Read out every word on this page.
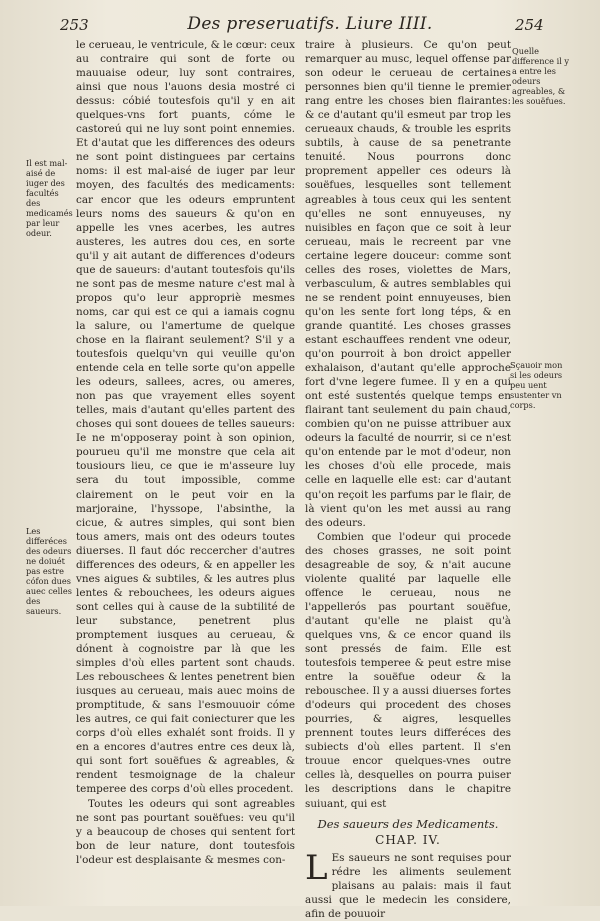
253	Des preseruatifs. Liure IIII.	254
Il est mal-aisé de iuger des facultés des medicamés par leur odeur.
Les differéces des odeurs ne doiuét pas estre cófon dues auec celles des saueurs.
Quelle difference il y a entre les odeurs agreables, & les souëfues.
Sçauoir mon si les odeurs peu uent sustenter vn corps.

le cerueau, le ventricule, & le cœur: ceux au contraire qui sont de forte ou mauuaise odeur, luy sont contraires, ainsi que nous l'auons desia mostré ci dessus: cóbié toutesfois qu'il y en ait quelques-vns fort puants, cóme le castoreú qui ne luy sont point ennemies. Et d'autat que les differences des odeurs ne sont point distinguees par certains noms: il est mal-aisé de iuger par leur moyen, des facultés des medicaments: car encor que les odeurs empruntent leurs noms des saueurs & qu'on en appelle les vnes acerbes, les autres austeres, les autres dou ces, en sorte qu'il y ait autant de differences d'odeurs que de saueurs: d'autant toutesfois qu'ils ne sont pas de mesme nature c'est mal à propos qu'o leur appropriè mesmes noms, car qui est ce qui a iamais cognu la salure, ou l'amertume de quelque chose en la flairant seulement? S'il y a toutesfois quelqu'vn qui veuille qu'on entende cela en telle sorte qu'on appelle les odeurs, sallees, acres, ou ameres, non pas que vrayement elles soyent telles, mais d'autant qu'elles partent des choses qui sont douees de telles saueurs: Ie ne m'opposeray point à son opinion, pourueu qu'il me monstre que cela ait tousiours lieu, ce que ie m'asseure luy sera du tout impossible, comme clairement on le peut voir en la marjoraine, l'hyssope, l'absinthe, la cicue, & autres simples, qui sont bien tous amers, mais ont des odeurs toutes diuerses. Il faut dóc reccercher d'autres differences des odeurs, & en appeller les vnes aigues & subtiles, & les autres plus lentes & rebouchees, les odeurs aigues sont celles qui à cause de la subtilité de leur substance, penetrent plus promptement iusques au cerueau, & dónent à cognoistre par là que les simples d'où elles partent sont chauds. Les rebouschees & lentes penetrent bien iusques au cerueau, mais auec moins de promptitude, & sans l'esmouuoir cóme les autres, ce qui fait coniecturer que les corps d'où elles exhalét sont froids. Il y en a encores d'autres entre ces deux là, qui sont fort souëfues & agreables, & rendent tesmoignage de la chaleur temperee des corps d'où elles procedent.

Toutes les odeurs qui sont agreables ne sont pas pourtant souëfues: veu qu'il y a beaucoup de choses qui sentent fort bon de leur nature, dont toutesfois l'odeur est desplaisante & mesmes con-

traire à plusieurs. Ce qu'on peut remarquer au musc, lequel offense par son odeur le cerueau de certaines personnes bien qu'il tienne le premier rang entre les choses bien flairantes: & ce d'autant qu'il esmeut par trop les cerueaux chauds, & trouble les esprits subtils, à cause de sa penetrante tenuité. Nous pourrons donc proprement appeller ces odeurs là souëfues, lesquelles sont tellement agreables à tous ceux qui les sentent qu'elles ne sont ennuyeuses, ny nuisibles en façon que ce soit à leur cerueau, mais le recreent par vne certaine legere douceur: comme sont celles des roses, violettes de Mars, verbasculum, & autres semblables qui ne se rendent point ennuyeuses, bien qu'on les sente fort long téps, & en grande quantité. Les choses grasses estant eschauffees rendent vne odeur, qu'on pourroit à bon droict appeller exhalaison, d'autant qu'elle approche fort d'vne legere fumee. Il y en a qui ont esté sustentés quelque temps en flairant tant seulement du pain chaud, combien qu'on ne puisse attribuer aux odeurs la faculté de nourrir, si ce n'est qu'on entende par le mot d'odeur, non les choses d'où elle procede, mais celle en laquelle elle est: car d'autant qu'on reçoit les parfums par le flair, de là vient qu'on les met aussi au rang des odeurs.

Combien que l'odeur qui procede des choses grasses, ne soit point desagreable de soy, & n'ait aucune violente qualité par laquelle elle offence le cerueau, nous ne l'appellerós pas pourtant souëfue, d'autant qu'elle ne plaist qu'à quelques vns, & ce encor quand ils sont pressés de faim. Elle est toutesfois temperee & peut estre mise entre la souëfue odeur & la rebouschee. Il y a aussi diuerses fortes d'odeurs qui procedent des choses pourries, & aigres, lesquelles prennent toutes leurs differéces des subiects d'où elles partent. Il s'en trouue encor quelques-vnes outre celles là, desquelles on pourra puiser les descriptions dans le chapitre suiuant, qui est

Des saueurs des Medicaments.
CHAP. IV.

L Es saueurs ne sont requises pour rédre les aliments seulement plaisans au palais: mais il faut aussi que le medecin les considere, afin de pouuoir
